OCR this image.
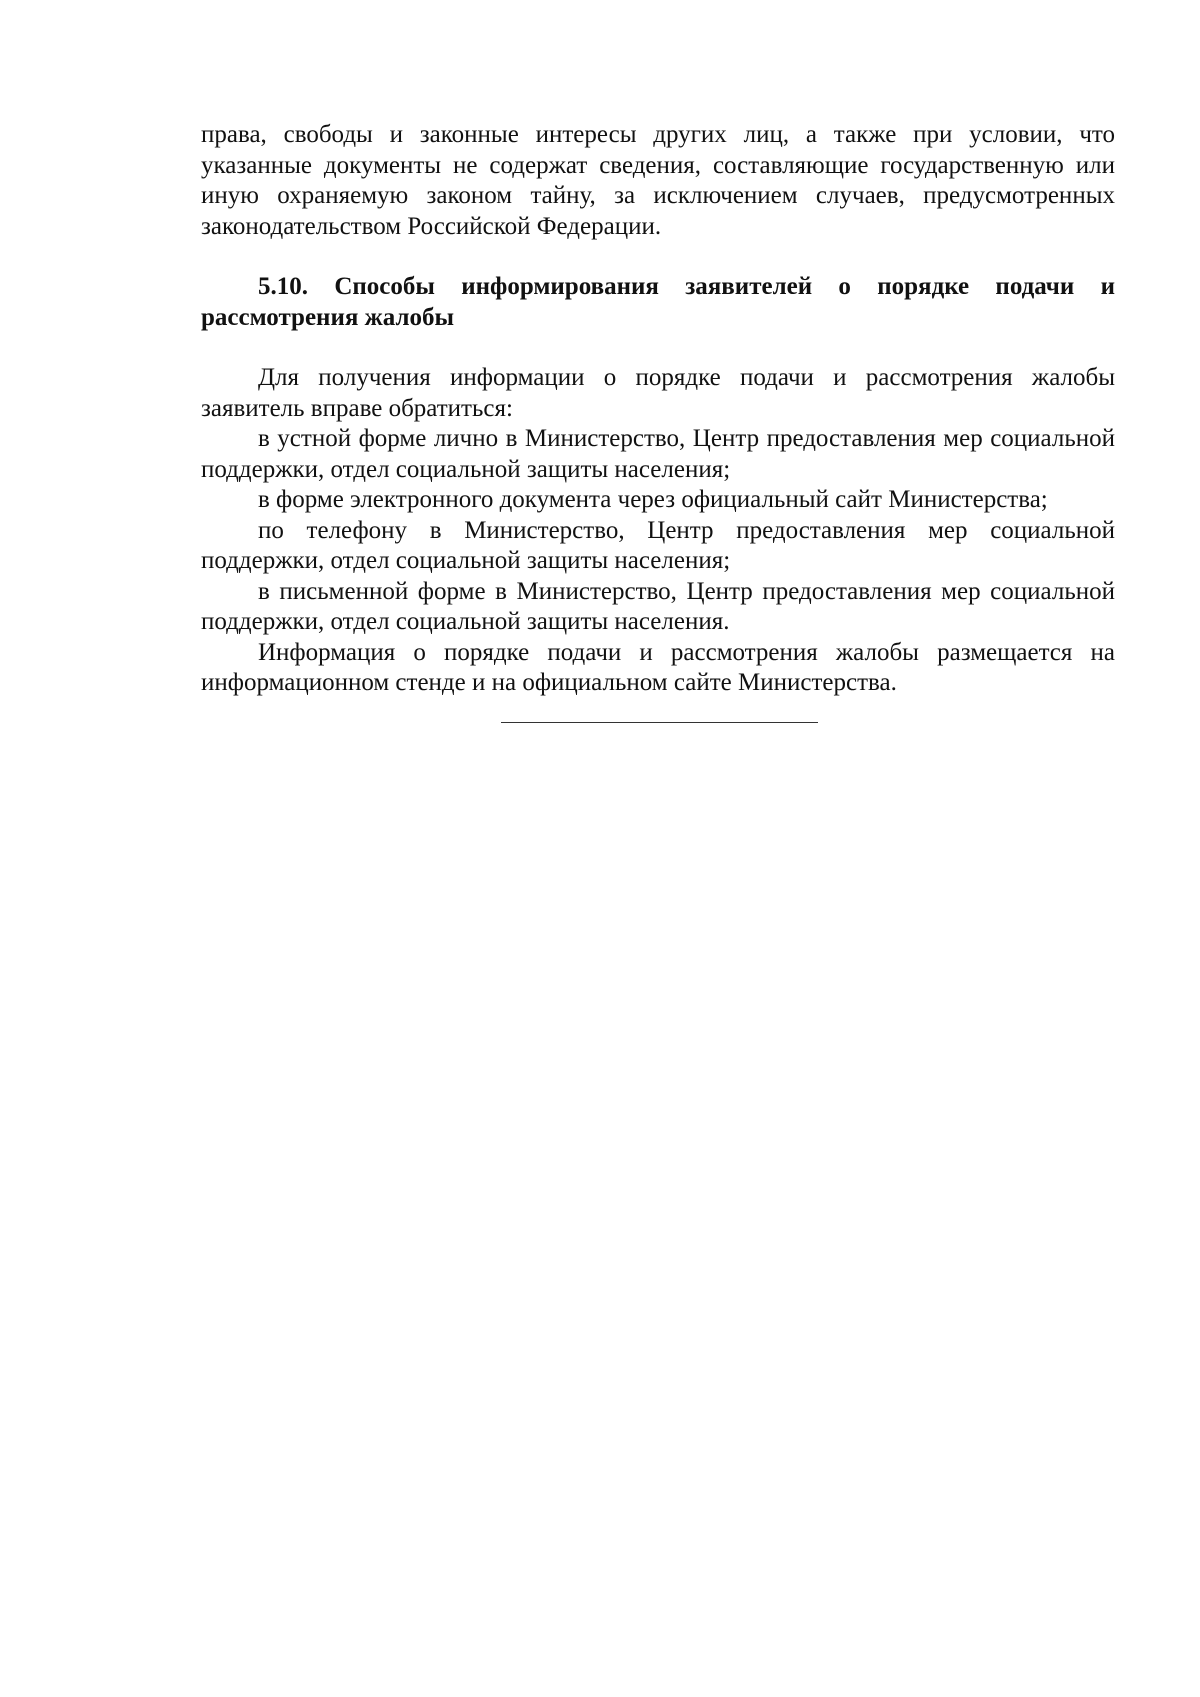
права, свободы и законные интересы других лиц, а также при условии, что указанные документы не содержат сведения, составляющие государственную или иную охраняемую законом тайну, за исключением случаев, предусмотренных законодательством Российской Федерации.

5.10. Способы информирования заявителей о порядке подачи и рассмотрения жалобы

Для получения информации о порядке подачи и рассмотрения жалобы заявитель вправе обратиться:

в устной форме лично в Министерство, Центр предоставления мер социальной поддержки, отдел социальной защиты населения;

в форме электронного документа через официальный сайт Министерства;

по телефону в Министерство, Центр предоставления мер социальной поддержки, отдел социальной защиты населения;

в письменной форме в Министерство, Центр предоставления мер социальной поддержки, отдел социальной защиты населения.

Информация о порядке подачи и рассмотрения жалобы размещается на информационном стенде и на официальном сайте Министерства.
